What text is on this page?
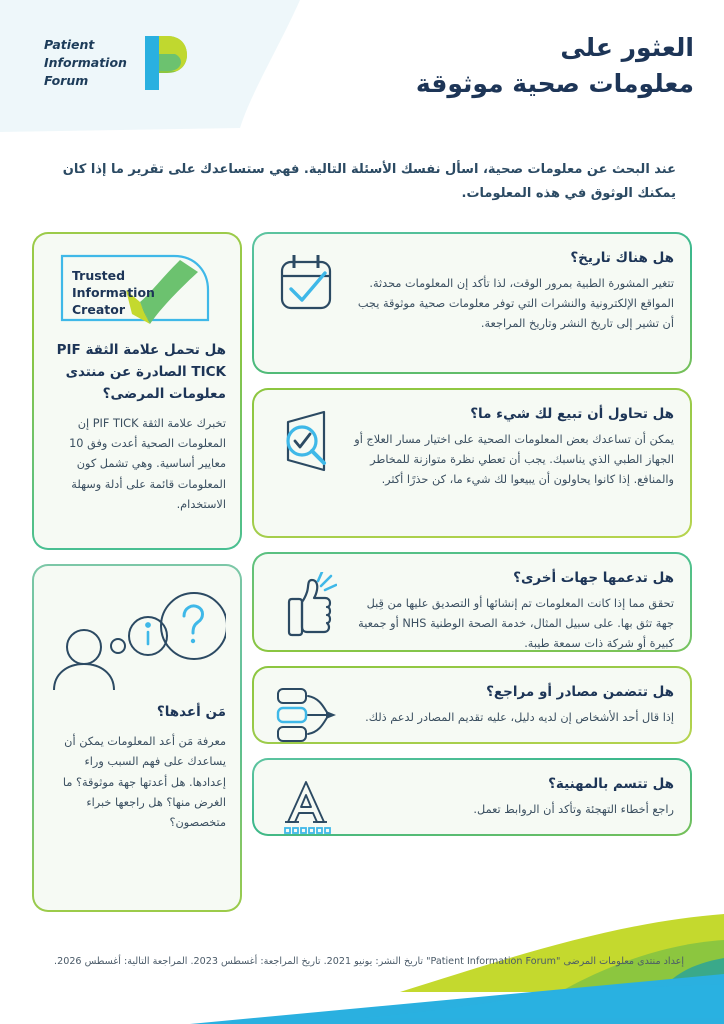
Patient
Information
Forum
العثور على
معلومات صحية موثوقة
عند البحث عن معلومات صحية، اسأل نفسك الأسئلة التالية. فهي ستساعدك على تقرير ما إذا كان يمكنك الوثوق في هذه المعلومات.
هل هناك تاريخ؟
تتغير المشورة الطبية بمرور الوقت، لذا تأكد إن المعلومات محدثة. المواقع الإلكترونية والنشرات التي توفر معلومات صحية موثوقة يجب أن تشير إلى تاريخ النشر وتاريخ المراجعة.
هل تحاول أن تبيع لك شيء ما؟
يمكن أن تساعدك بعض المعلومات الصحية على اختيار مسار العلاج أو الجهاز الطبي الذي يناسبك. يجب أن تعطي نظرة متوازنة للمخاطر والمنافع. إذا كانوا يحاولون أن يبيعوا لك شيء ما، كن حذرًا أكثر.
هل تدعمها جهات أخرى؟
تحقق مما إذا كانت المعلومات تم إنشائها أو التصديق عليها من قِبل جهة تثق بها. على سبيل المثال، خدمة الصحة الوطنية NHS أو جمعية كبيرة أو شركة ذات سمعة طيبة.
هل تتضمن مصادر أو مراجع؟
إذا قال أحد الأشخاص إن لديه دليل، عليه تقديم المصادر لدعم ذلك.
هل تتسم بالمهنية؟
راجع أخطاء التهجئة وتأكد أن الروابط تعمل.
Trusted
Information
Creator
هل تحمل علامة الثقة PIF TICK الصادرة عن منتدى معلومات المرضى؟
تخبرك علامة الثقة PIF TICK إن المعلومات الصحية أعدت وفق 10 معايير أساسية. وهي تشمل كون المعلومات قائمة على أدلة وسهلة الاستخدام.
مَن أعدها؟
معرفة مَن أعد المعلومات يمكن أن يساعدك على فهم السبب وراء إعدادها. هل أعدتها جهة موثوقة؟ ما الغرض منها؟ هل راجعها خبراء متخصصون؟
إعداد منتدى معلومات المرضى "Patient Information Forum" تاريخ النشر: يونيو 2021. تاريخ المراجعة: أغسطس 2023. المراجعة التالية: أغسطس 2026.
